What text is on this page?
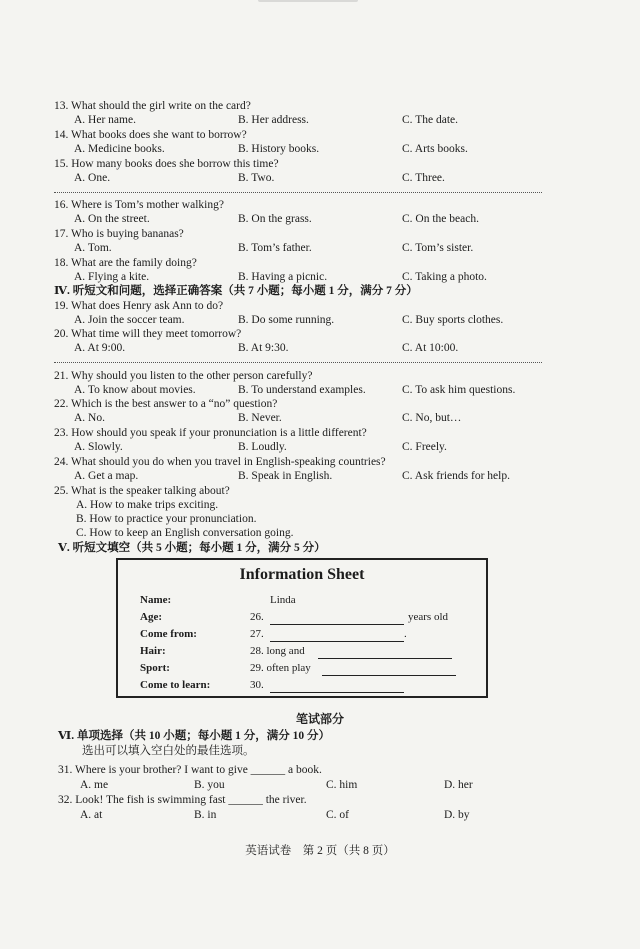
13. What should the girl write on the card?
A. Her name.	B. Her address.	C. The date.
14. What books does she want to borrow?
A. Medicine books.	B. History books.	C. Arts books.
15. How many books does she borrow this time?
A. One.	B. Two.	C. Three.
16. Where is Tom’s mother walking?
A. On the street.	B. On the grass.	C. On the beach.
17. Who is buying bananas?
A. Tom.	B. Tom’s father.	C. Tom’s sister.
18. What are the family doing?
A. Flying a kite.	B. Having a picnic.	C. Taking a photo.
Ⅳ. 听短文和问题，选择正确答案（共 7 小题；每小题 1 分，满分 7 分）
19. What does Henry ask Ann to do?
A. Join the soccer team.	B. Do some running.	C. Buy sports clothes.
20. What time will they meet tomorrow?
A. At 9:00.	B. At 9:30.	C. At 10:00.
21. Why should you listen to the other person carefully?
A. To know about movies.	B. To understand examples.	C. To ask him questions.
22. Which is the best answer to a “no” question?
A. No.	B. Never.	C. No, but…
23. How should you speak if your pronunciation is a little different?
A. Slowly.	B. Loudly.	C. Freely.
24. What should you do when you travel in English-speaking countries?
A. Get a map.	B. Speak in English.	C. Ask friends for help.
25. What is the speaker talking about?
A. How to make trips exciting.
B. How to practice your pronunciation.
C. How to keep an English conversation going.
Ⅴ. 听短文填空（共 5 小题；每小题 1 分，满分 5 分）
Information Sheet
Name:	Linda
Age:	26.	years old
Come from:	27.	.
Hair:	28. long and
Sport:	29. often play
Come to learn:	30.
笔试部分
Ⅵ. 单项选择（共 10 小题；每小题 1 分，满分 10 分）
选出可以填入空白处的最佳选项。
31. Where is your brother? I want to give ______ a book.
A. me	B. you	C. him	D. her
32. Look! The fish is swimming fast ______ the river.
A. at	B. in	C. of	D. by
英语试卷　第 2 页（共 8 页）
